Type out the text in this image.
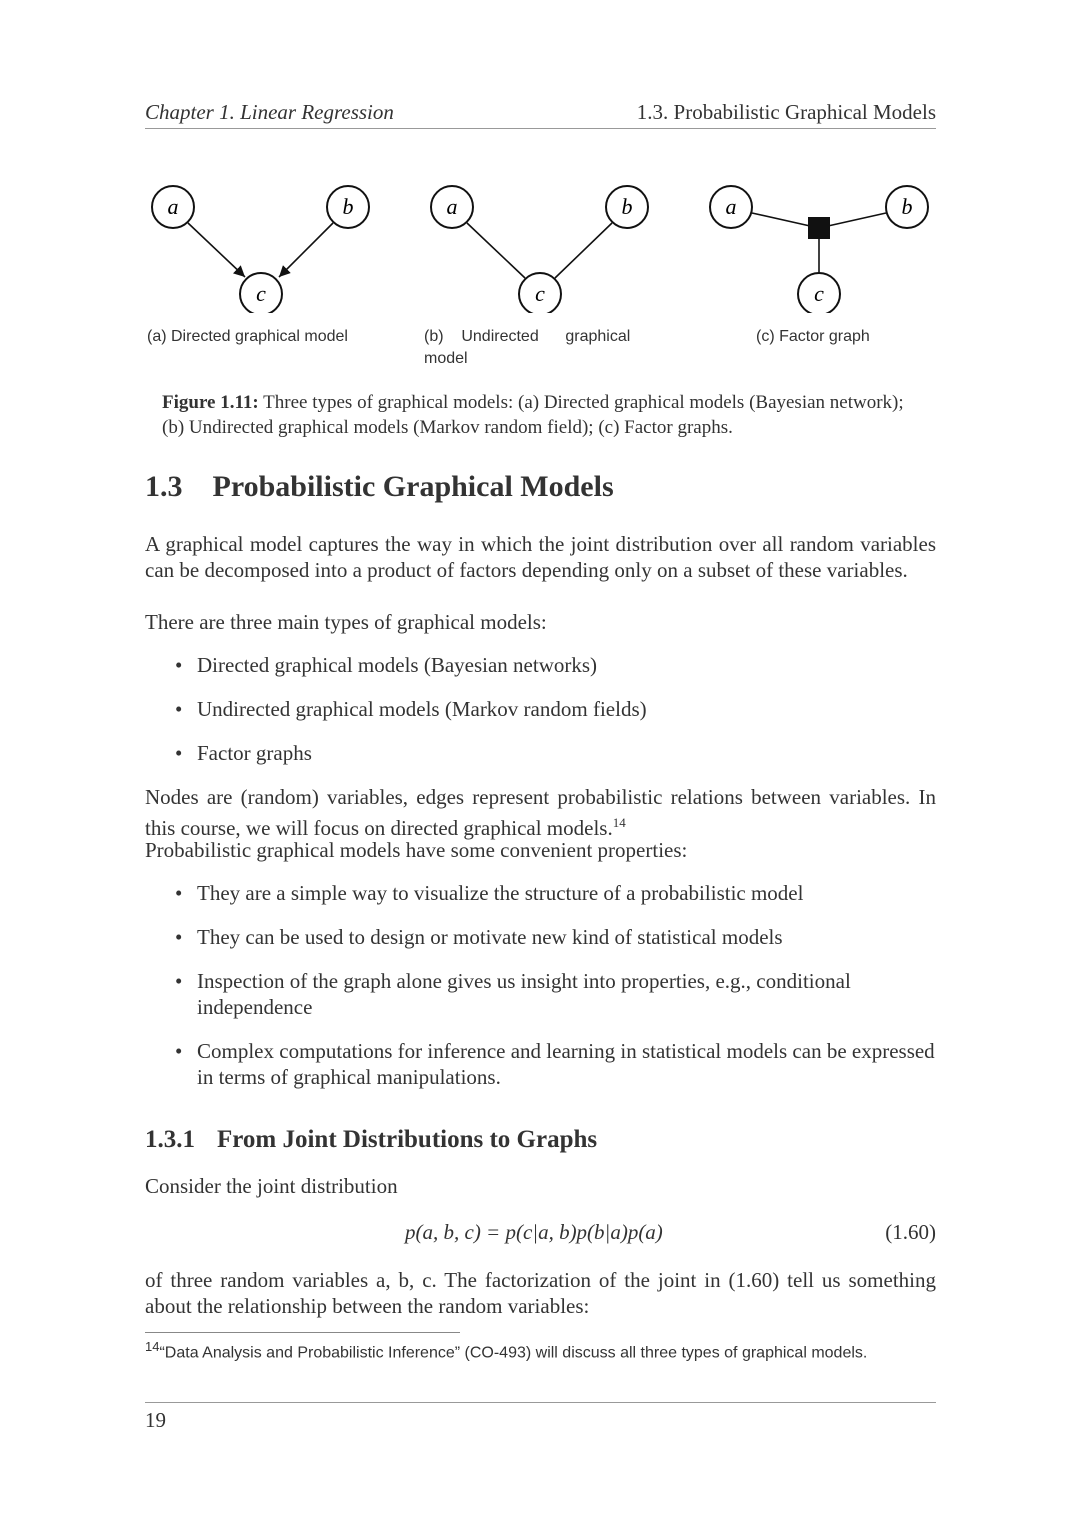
Chapter 1. Linear Regression	1.3. Probabilistic Graphical Models
a	b
c
a	b
c
a	b
c
(a) Directed graphical model	(b)    Undirected      graphical
model
(c) Factor graph
Figure 1.11: Three types of graphical models: (a) Directed graphical models (Bayesian network); (b) Undirected graphical models (Markov random field); (c) Factor graphs.
1.3 Probabilistic Graphical Models
A graphical model captures the way in which the joint distribution over all random variables can be decomposed into a product of factors depending only on a subset of these variables.
There are three main types of graphical models:
• Directed graphical models (Bayesian networks)
• Undirected graphical models (Markov random fields)
• Factor graphs
Nodes are (random) variables, edges represent probabilistic relations between variables. In this course, we will focus on directed graphical models.$^{14}$
Probabilistic graphical models have some convenient properties:
• They are a simple way to visualize the structure of a probabilistic model
• They can be used to design or motivate new kind of statistical models
• Inspection of the graph alone gives us insight into properties, e.g., conditional independence
• Complex computations for inference and learning in statistical models can be expressed in terms of graphical manipulations.
1.3.1 From Joint Distributions to Graphs
Consider the joint distribution
p(a, b, c) = p(c|a, b)p(b|a)p(a)	(1.60)
of three random variables a, b, c. The factorization of the joint in (1.60) tell us something about the relationship between the random variables:
$^{14}$“Data Analysis and Probabilistic Inference” (CO-493) will discuss all three types of graphical models.
19
